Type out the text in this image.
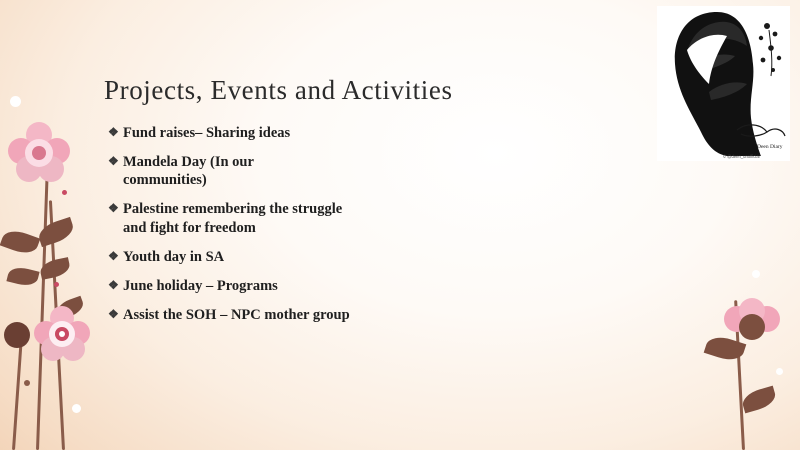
Deen Diary
© @deen_unofficial
Projects, Events and Activities
❖ Fund raises– Sharing ideas
❖ Mandela Day (In our communities)
❖ Palestine remembering the struggle and fight for freedom
❖ Youth day in SA
❖ June holiday – Programs
❖ Assist the SOH – NPC mother group
